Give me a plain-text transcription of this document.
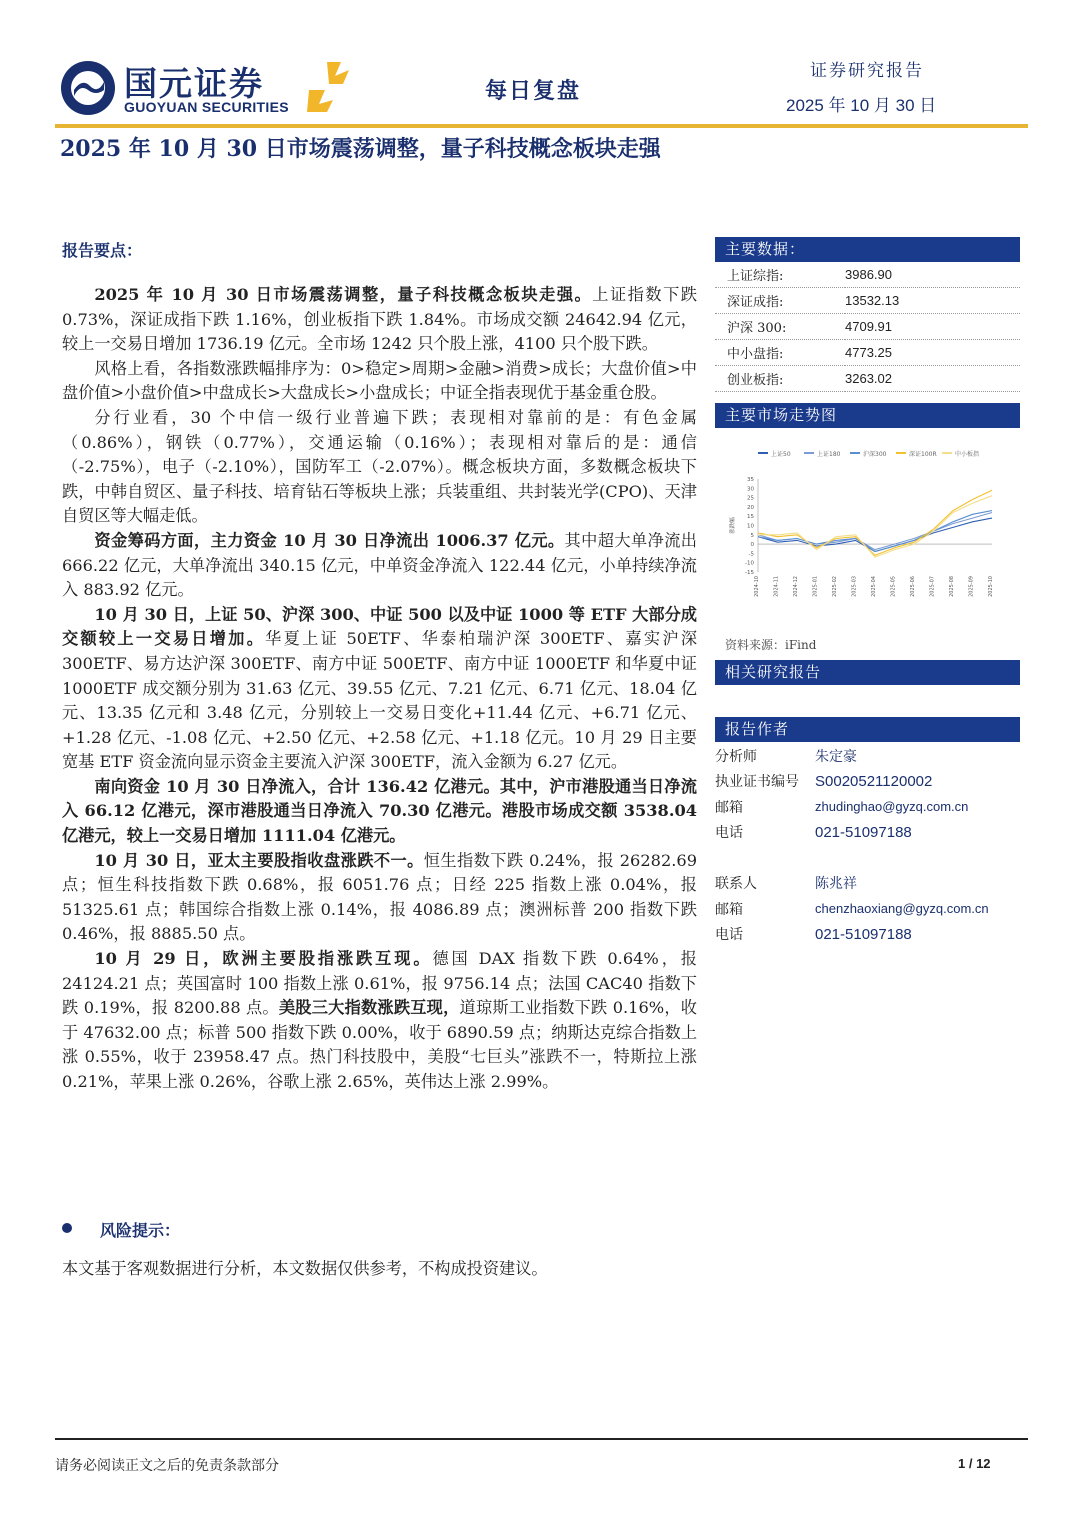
国元证券
GUOYUAN SECURITIES
每日复盘
证券研究报告
2025 年 10 月 30 日
2025 年 10 月 30 日市场震荡调整，量子科技概念板块走强
报告要点：

2025 年 10 月 30 日市场震荡调整，量子科技概念板块走强。上证指数下跌 0.73%，深证成指下跌 1.16%，创业板指下跌 1.84%。市场成交额 24642.94 亿元，较上一交易日增加 1736.19 亿元。全市场 1242 只个股上涨，4100 只个股下跌。

风格上看，各指数涨跌幅排序为：0>稳定>周期>金融>消费>成长；大盘价值>中盘价值>小盘价值>中盘成长>大盘成长>小盘成长；中证全指表现优于基金重仓股。

分行业看，30 个中信一级行业普遍下跌；表现相对靠前的是：有色金属（0.86%），钢铁（0.77%），交通运输（0.16%）；表现相对靠后的是：通信（-2.75%），电子（-2.10%），国防军工（-2.07%）。概念板块方面，多数概念板块下跌，中韩自贸区、量子科技、培育钻石等板块上涨；兵装重组、共封装光学(CPO)、天津自贸区等大幅走低。

资金筹码方面，主力资金 10 月 30 日净流出 1006.37 亿元。其中超大单净流出 666.22 亿元，大单净流出 340.15 亿元，中单资金净流入 122.44 亿元，小单持续净流入 883.92 亿元。

10 月 30 日，上证 50、沪深 300、中证 500 以及中证 1000 等 ETF 大部分成交额较上一交易日增加。华夏上证 50ETF、华泰柏瑞沪深 300ETF、嘉实沪深 300ETF、易方达沪深 300ETF、南方中证 500ETF、南方中证 1000ETF 和华夏中证 1000ETF 成交额分别为 31.63 亿元、39.55 亿元、7.21 亿元、6.71 亿元、18.04 亿元、13.35 亿元和 3.48 亿元，分别较上一交易日变化+11.44 亿元、+6.71 亿元、+1.28 亿元、-1.08 亿元、+2.50 亿元、+2.58 亿元、+1.18 亿元。10 月 29 日主要宽基 ETF 资金流向显示资金主要流入沪深 300ETF，流入金额为 6.27 亿元。

南向资金 10 月 30 日净流入，合计 136.42 亿港元。其中，沪市港股通当日净流入 66.12 亿港元，深市港股通当日净流入 70.30 亿港元。港股市场成交额 3538.04 亿港元，较上一交易日增加 1111.04 亿港元。

10 月 30 日，亚太主要股指收盘涨跌不一。恒生指数下跌 0.24%，报 26282.69 点；恒生科技指数下跌 0.68%，报 6051.76 点；日经 225 指数上涨 0.04%，报 51325.61 点；韩国综合指数上涨 0.14%，报 4086.89 点；澳洲标普 200 指数下跌 0.46%，报 8885.50 点。

10 月 29 日，欧洲主要股指涨跌互现。德国 DAX 指数下跌 0.64%，报 24124.21 点；英国富时 100 指数上涨 0.61%，报 9756.14 点；法国 CAC40 指数下跌 0.19%，报 8200.88 点。美股三大指数涨跌互现，道琼斯工业指数下跌 0.16%，收于 47632.00 点；标普 500 指数下跌 0.00%，收于 6890.59 点；纳斯达克综合指数上涨 0.55%，收于 23958.47 点。热门科技股中，美股“七巨头”涨跌不一，特斯拉上涨 0.21%，苹果上涨 0.26%，谷歌上涨 2.65%，英伟达上涨 2.99%。

风险提示：
本文基于客观数据进行分析，本文数据仅供参考，不构成投资建议。
主要数据：
上证综指:	3986.90
深证成指:	13532.13
沪深 300:	4709.91
中小盘指:	4773.25
创业板指:	3263.02
主要市场走势图
上证50	上证180	沪深300	深证100R	中小板指
35
30
25
20
15
10
5
0
-5
-10
-15
涨跌幅
2024-10	2024-11	2024-12	2025-01	2025-02	2025-03	2025-04	2025-05	2025-06	2025-07	2025-08	2025-09	2025-10
资料来源：iFind
相关研究报告
报告作者
分析师	朱定豪
执业证书编号	S0020521120002
邮箱	zhudinghao@gyzq.com.cn
电话	021-51097188

联系人	陈兆祥
邮箱	chenzhaoxiang@gyzq.com.cn
电话	021-51097188
请务必阅读正文之后的免责条款部分	1 / 12
